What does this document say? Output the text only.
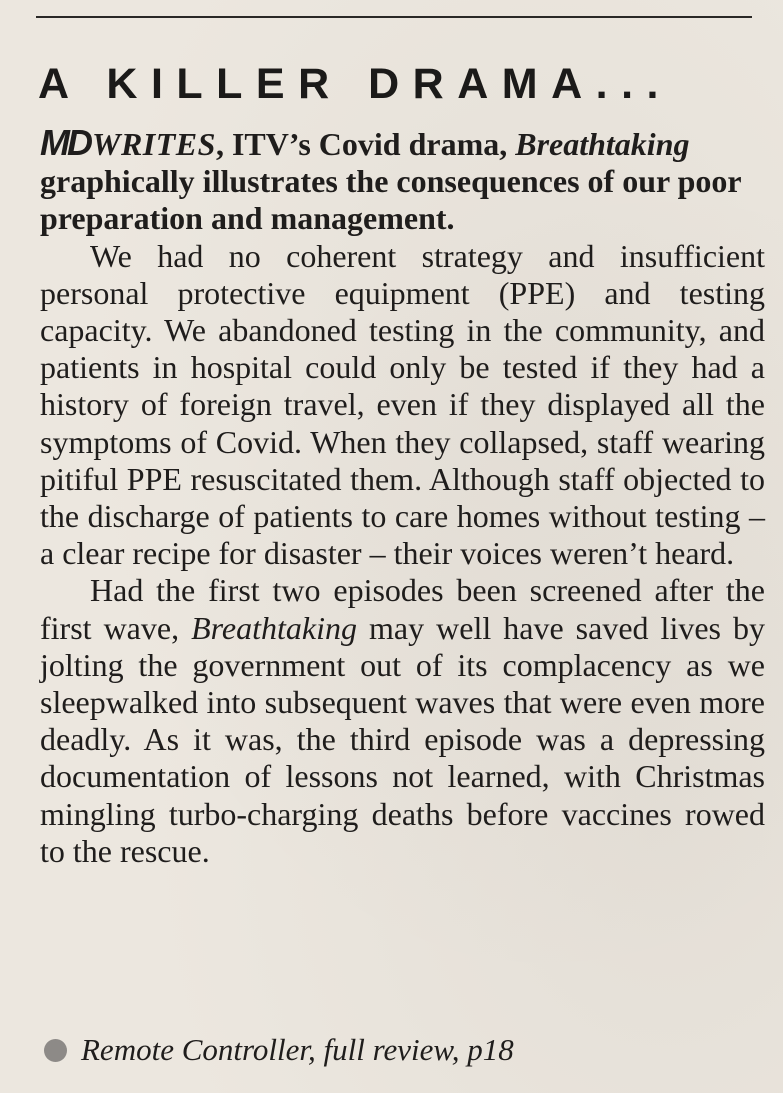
A KILLER DRAMA...

MDWRITES, ITV’s Covid drama, Breathtaking graphically illustrates the consequences of our poor preparation and management.

We had no coherent strategy and insufficient personal protective equipment (PPE) and testing capacity. We abandoned testing in the community, and patients in hospital could only be tested if they had a history of foreign travel, even if they displayed all the symptoms of Covid. When they collapsed, staff wearing pitiful PPE resuscitated them. Although staff objected to the discharge of patients to care homes without testing – a clear recipe for disaster – their voices weren’t heard.

Had the first two episodes been screened after the first wave, Breathtaking may well have saved lives by jolting the government out of its complacency as we sleepwalked into subsequent waves that were even more deadly. As it was, the third episode was a depressing documentation of lessons not learned, with Christmas mingling turbo-charging deaths before vaccines rowed to the rescue.

Remote Controller, full review, p18
